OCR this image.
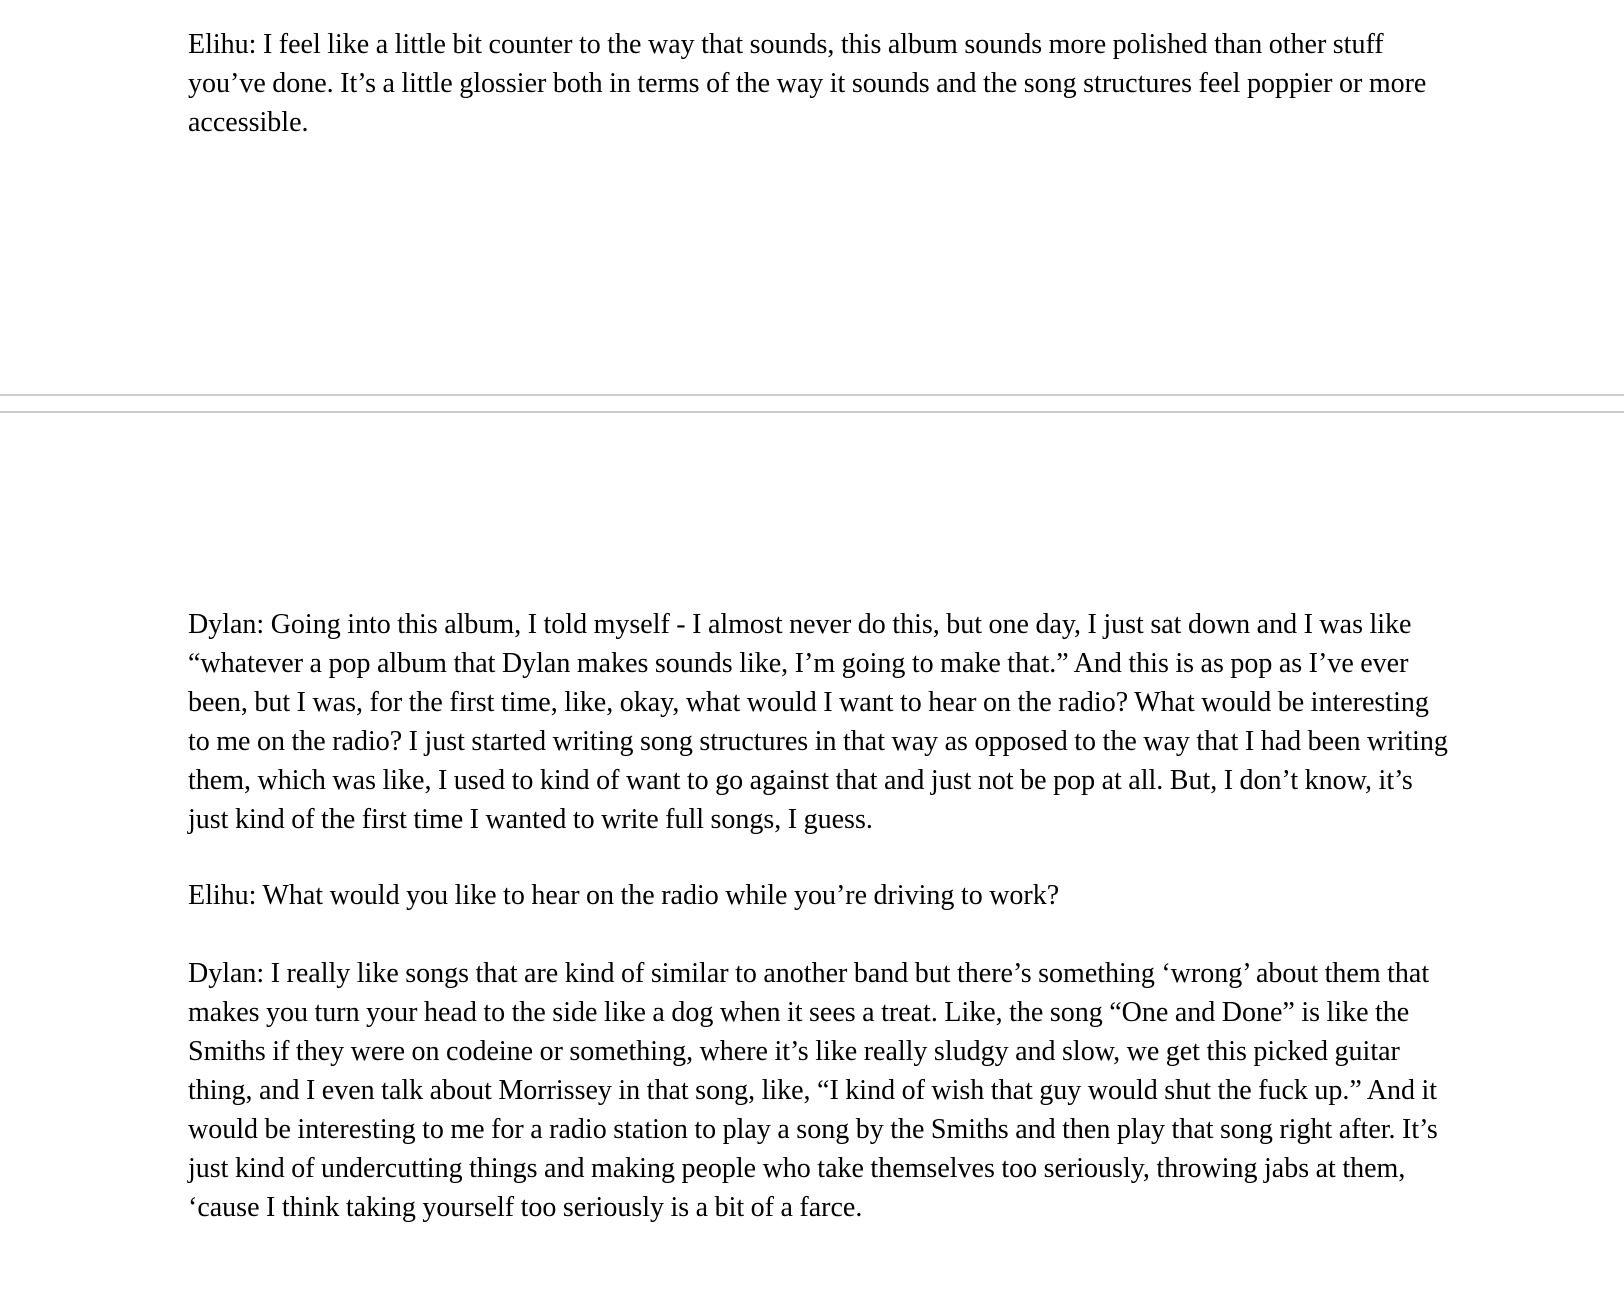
Elihu: I feel like a little bit counter to the way that sounds, this album sounds more polished than other stuff you’ve done. It’s a little glossier both in terms of the way it sounds and the song structures feel poppier or more accessible.

Dylan: Going into this album, I told myself - I almost never do this, but one day, I just sat down and I was like “whatever a pop album that Dylan makes sounds like, I’m going to make that.” And this is as pop as I’ve ever been, but I was, for the first time, like, okay, what would I want to hear on the radio? What would be interesting to me on the radio? I just started writing song structures in that way as opposed to the way that I had been writing them, which was like, I used to kind of want to go against that and just not be pop at all. But, I don’t know, it’s just kind of the first time I wanted to write full songs, I guess.

Elihu: What would you like to hear on the radio while you’re driving to work?

Dylan: I really like songs that are kind of similar to another band but there’s something ‘wrong’ about them that makes you turn your head to the side like a dog when it sees a treat. Like, the song “One and Done” is like the Smiths if they were on codeine or something, where it’s like really sludgy and slow, we get this picked guitar thing, and I even talk about Morrissey in that song, like, “I kind of wish that guy would shut the fuck up.” And it would be interesting to me for a radio station to play a song by the Smiths and then play that song right after. It’s just kind of undercutting things and making people who take themselves too seriously, throwing jabs at them, ‘cause I think taking yourself too seriously is a bit of a farce.
